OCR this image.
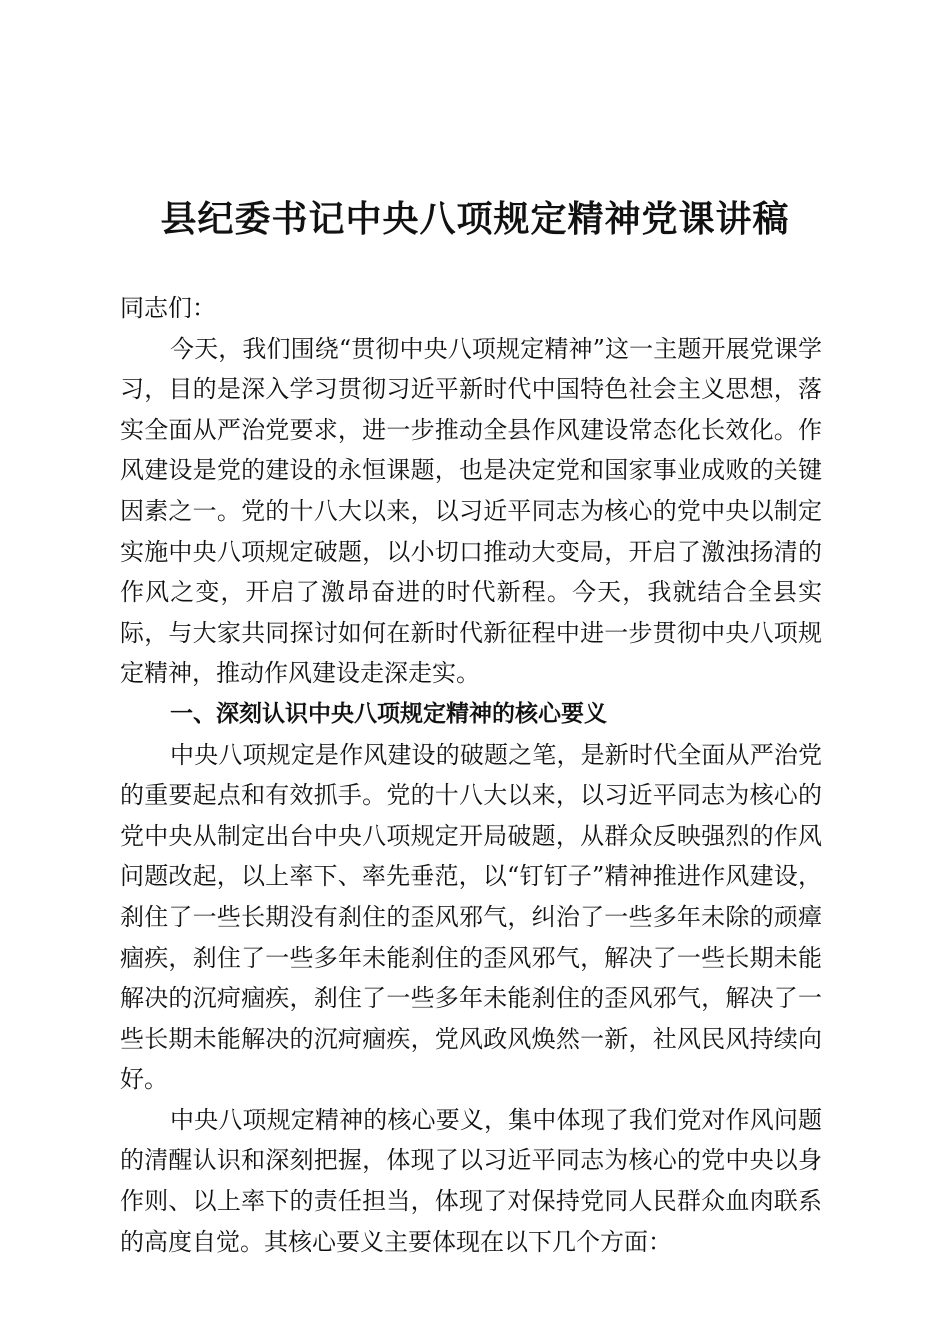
县纪委书记中央八项规定精神党课讲稿

同志们：

今天，我们围绕“贯彻中央八项规定精神”这一主题开展党课学习，目的是深入学习贯彻习近平新时代中国特色社会主义思想，落实全面从严治党要求，进一步推动全县作风建设常态化长效化。作风建设是党的建设的永恒课题，也是决定党和国家事业成败的关键因素之一。党的十八大以来，以习近平同志为核心的党中央以制定实施中央八项规定破题，以小切口推动大变局，开启了激浊扬清的作风之变，开启了激昂奋进的时代新程。今天，我就结合全县实际，与大家共同探讨如何在新时代新征程中进一步贯彻中央八项规定精神，推动作风建设走深走实。

一、深刻认识中央八项规定精神的核心要义

中央八项规定是作风建设的破题之笔，是新时代全面从严治党的重要起点和有效抓手。党的十八大以来，以习近平同志为核心的党中央从制定出台中央八项规定开局破题，从群众反映强烈的作风问题改起，以上率下、率先垂范，以“钉钉子”精神推进作风建设，刹住了一些长期没有刹住的歪风邪气，纠治了一些多年未除的顽瘴痼疾，刹住了一些多年未能刹住的歪风邪气，解决了一些长期未能解决的沉疴痼疾，刹住了一些多年未能刹住的歪风邪气，解决了一些长期未能解决的沉疴痼疾，党风政风焕然一新，社风民风持续向好。

中央八项规定精神的核心要义，集中体现了我们党对作风问题的清醒认识和深刻把握，体现了以习近平同志为核心的党中央以身作则、以上率下的责任担当，体现了对保持党同人民群众血肉联系的高度自觉。其核心要义主要体现在以下几个方面：
